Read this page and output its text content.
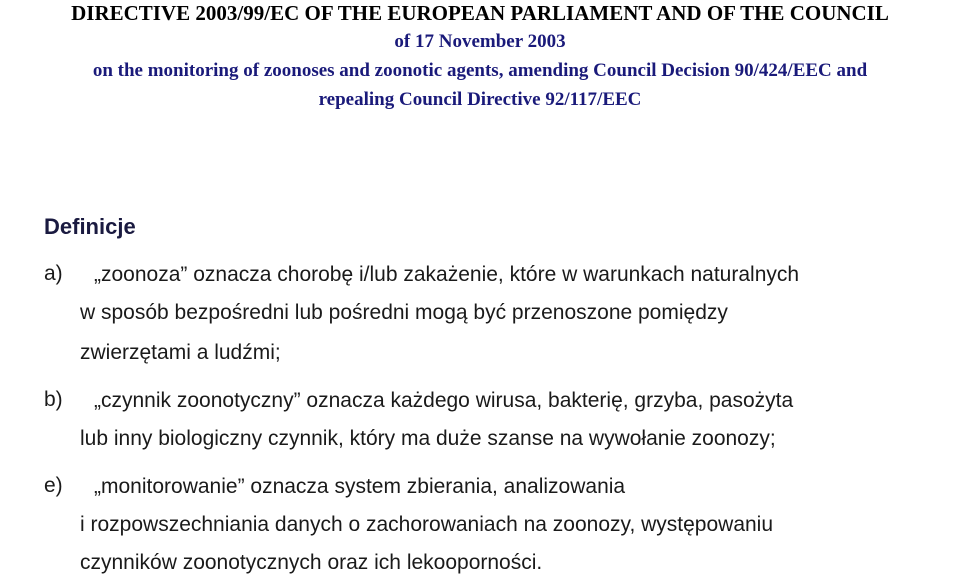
DIRECTIVE 2003/99/EC OF THE EUROPEAN PARLIAMENT AND OF THE COUNCIL
of 17 November 2003
on the monitoring of zoonoses and zoonotic agents, amending Council Decision 90/424/EEC and
repealing Council Directive 92/117/EEC
Definicje
a) „zoonoza” oznacza chorobę i/lub zakażenie, które w warunkach naturalnych
w sposób bezpośredni lub pośredni mogą być przenoszone pomiędzy
zwierzętami a ludźmi;
b) „czynnik zoonotyczny” oznacza każdego wirusa, bakterię, grzyba, pasożyta
lub inny biologiczny czynnik, który ma duże szanse na wywołanie zoonozy;
e) „monitorowanie” oznacza system zbierania, analizowania
i rozpowszechniania danych o zachorowaniach na zoonozy, występowaniu
czynników zoonotycznych oraz ich lekooporności.
